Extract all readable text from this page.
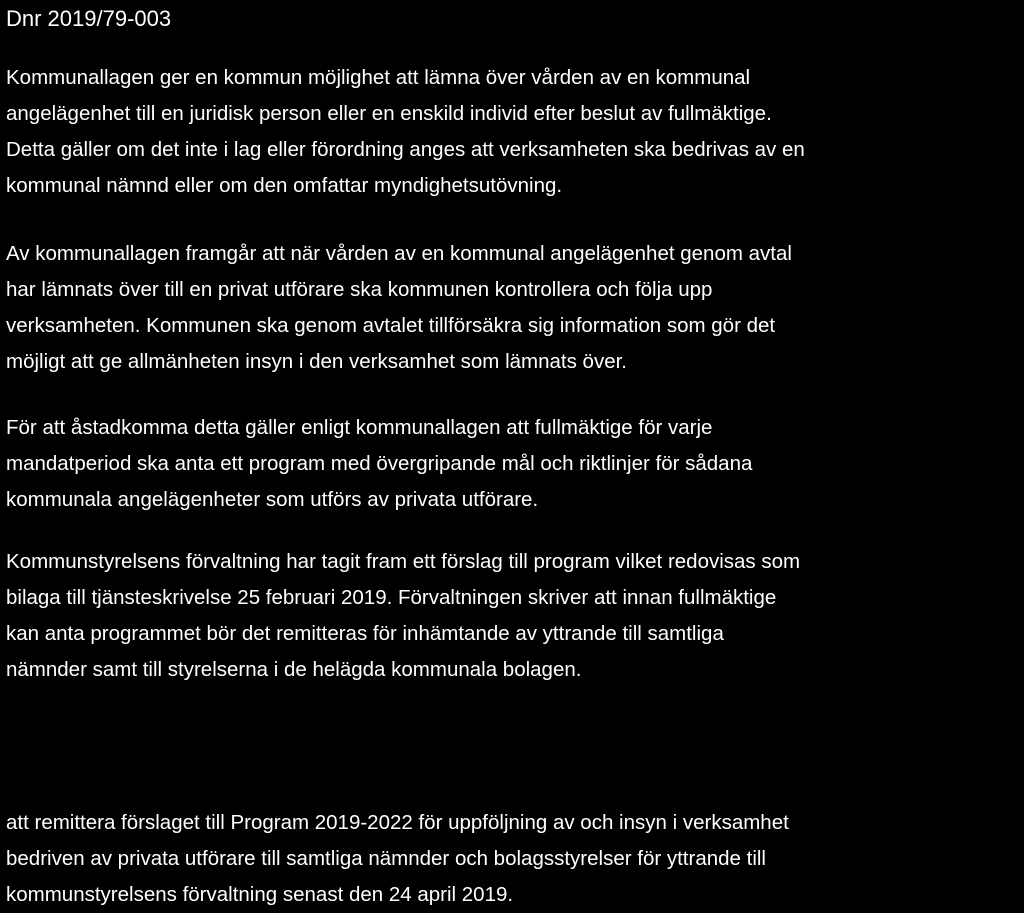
Dnr 2019/79-003

Kommunallagen ger en kommun möjlighet att lämna över vården av en kommunal
angelägenhet till en juridisk person eller en enskild individ efter beslut av fullmäktige.
Detta gäller om det inte i lag eller förordning anges att verksamheten ska bedrivas av en
kommunal nämnd eller om den omfattar myndighetsutövning.

Av kommunallagen framgår att när vården av en kommunal angelägenhet genom avtal
har lämnats över till en privat utförare ska kommunen kontrollera och följa upp
verksamheten. Kommunen ska genom avtalet tillförsäkra sig information som gör det
möjligt att ge allmänheten insyn i den verksamhet som lämnats över.

För att åstadkomma detta gäller enligt kommunallagen att fullmäktige för varje
mandatperiod ska anta ett program med övergripande mål och riktlinjer för sådana
kommunala angelägenheter som utförs av privata utförare.

Kommunstyrelsens förvaltning har tagit fram ett förslag till program vilket redovisas som
bilaga till tjänsteskrivelse 25 februari 2019. Förvaltningen skriver att innan fullmäktige
kan anta programmet bör det remitteras för inhämtande av yttrande till samtliga
nämnder samt till styrelserna i de helägda kommunala bolagen.

att remittera förslaget till Program 2019-2022 för uppföljning av och insyn i verksamhet
bedriven av privata utförare till samtliga nämnder och bolagsstyrelser för yttrande till
kommunstyrelsens förvaltning senast den 24 april 2019.
